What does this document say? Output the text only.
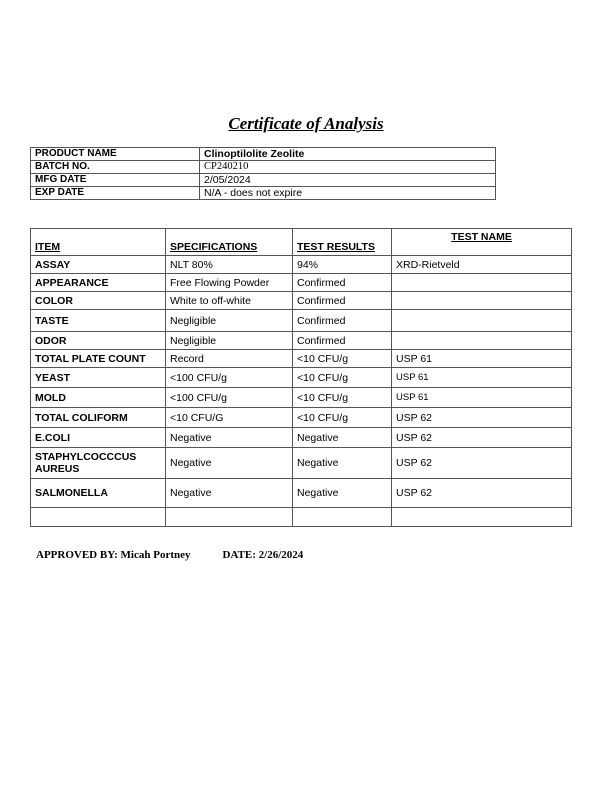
Certificate of Analysis
PRODUCT NAME	Clinoptilolite Zeolite
BATCH NO.	CP240210
MFG DATE	2/05/2024
EXP DATE	N/A - does not expire
ITEM	SPECIFICATIONS	TEST RESULTS	TEST NAME
ASSAY	NLT 80%	94%	XRD-Rietveld
APPEARANCE	Free Flowing Powder	Confirmed	
COLOR	White to off-white	Confirmed	
TASTE	Negligible	Confirmed	
ODOR	Negligible	Confirmed	
TOTAL PLATE COUNT	Record	<10 CFU/g	USP 61
YEAST	<100 CFU/g	<10 CFU/g	USP 61
MOLD	<100 CFU/g	<10 CFU/g	USP 61
TOTAL COLIFORM	<10 CFU/G	<10 CFU/g	USP 62
E.COLI	Negative	Negative	USP 62
STAPHYLCOCCCUS AUREUS	Negative	Negative	USP 62
SALMONELLA	Negative	Negative	USP 62

APPROVED BY: Micah Portney	DATE: 2/26/2024
